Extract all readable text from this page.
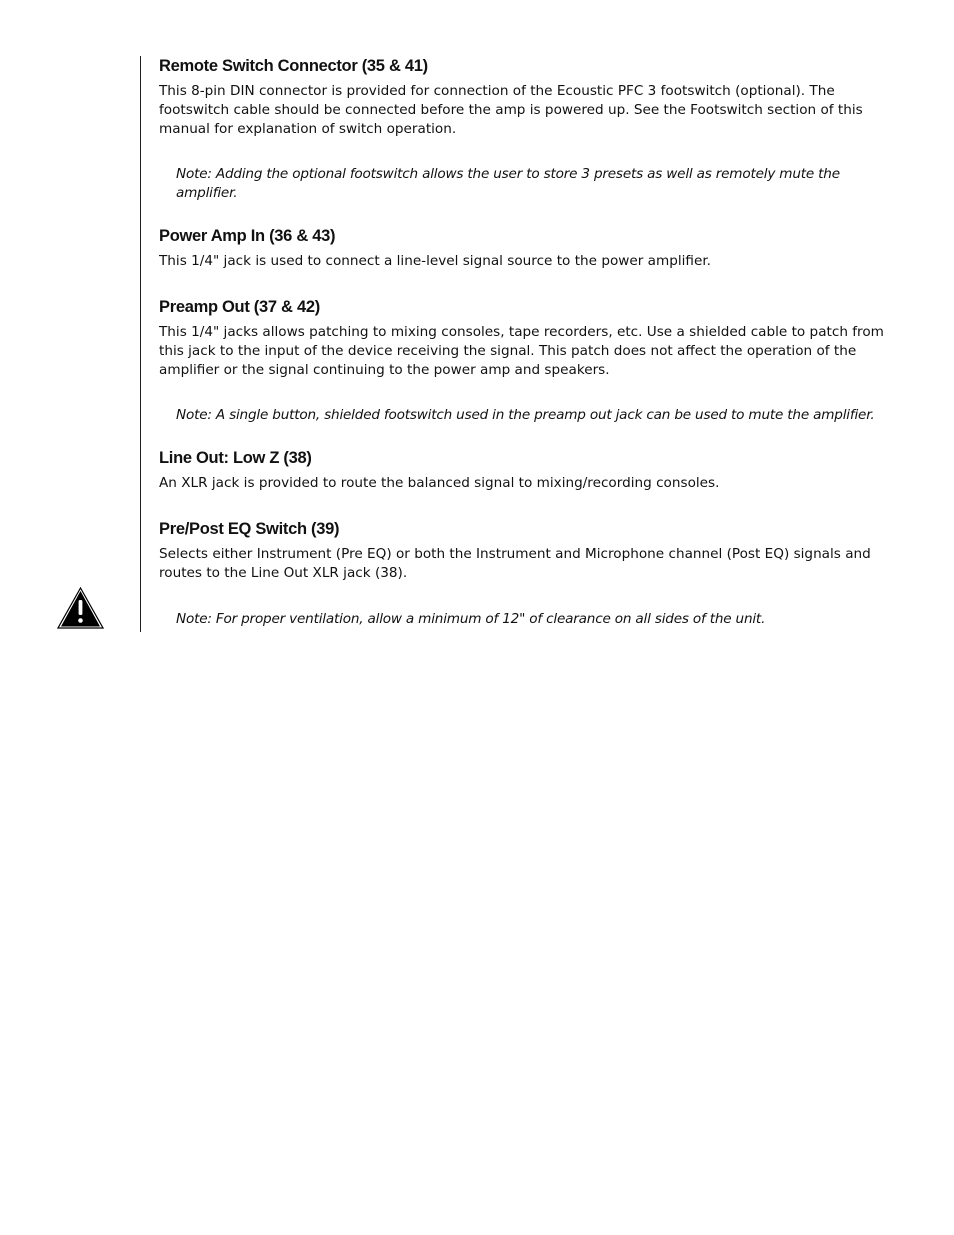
Remote Switch Connector (35 & 41)

This 8-pin DIN connector is provided for connection of the Ecoustic PFC 3 footswitch (optional). The footswitch cable should be connected before the amp is powered up. See the Footswitch section of this manual for explanation of switch operation.

Note: Adding the optional footswitch allows the user to store 3 presets as well as remotely mute the amplifier.

Power Amp In (36 & 43)

This 1/4" jack is used to connect a line-level signal source to the power amplifier.

Preamp Out (37 & 42)

This 1/4" jacks allows patching to mixing consoles, tape recorders, etc. Use a shielded cable to patch from this jack to the input of the device receiving the signal. This patch does not affect the operation of the amplifier or the signal continuing to the power amp and speakers.

Note: A single button, shielded footswitch used in the preamp out jack can be used to mute the amplifier.

Line Out: Low Z (38)

An XLR jack is provided to route the balanced signal to mixing/recording consoles.

Pre/Post EQ Switch (39)

Selects either Instrument (Pre EQ) or both the Instrument and Microphone channel (Post EQ) signals and routes to the Line Out XLR jack (38).

Note: For proper ventilation, allow a minimum of 12" of clearance on all sides of the unit.
